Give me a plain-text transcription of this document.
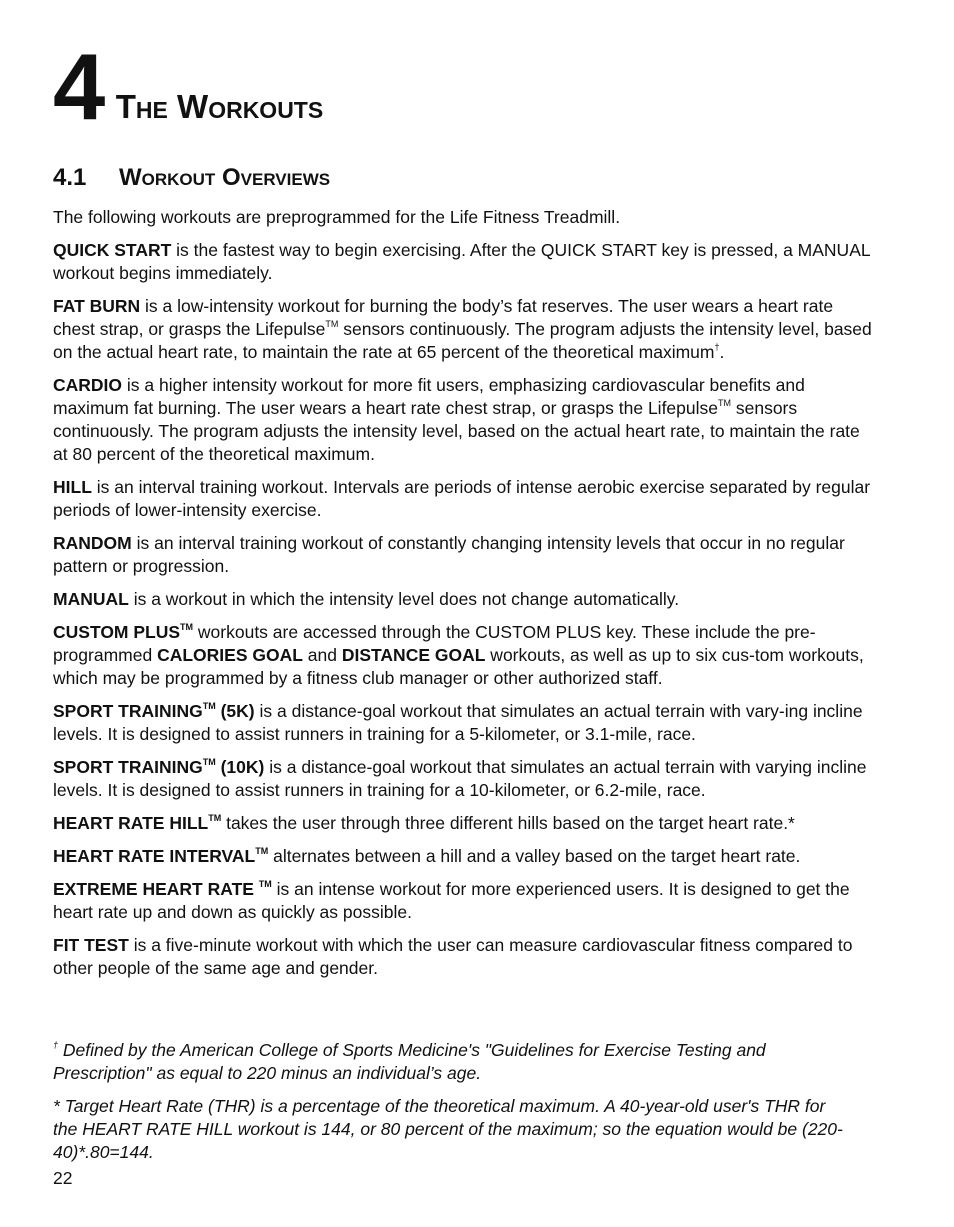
4 The Workouts
4.1 Workout Overviews

The following workouts are preprogrammed for the Life Fitness Treadmill.

QUICK START is the fastest way to begin exercising. After the QUICK START key is pressed, a MANUAL workout begins immediately.

FAT BURN is a low-intensity workout for burning the body’s fat reserves. The user wears a heart rate chest strap, or grasps the Lifepulse™ sensors continuously. The program adjusts the intensity level, based on the actual heart rate, to maintain the rate at 65 percent of the theoretical maximum†.

CARDIO is a higher intensity workout for more fit users, emphasizing cardiovascular benefits and maximum fat burning. The user wears a heart rate chest strap, or grasps the Lifepulse™ sensors continuously. The program adjusts the intensity level, based on the actual heart rate, to maintain the rate at 80 percent of the theoretical maximum.

HILL is an interval training workout. Intervals are periods of intense aerobic exercise separated by regular periods of lower-intensity exercise.

RANDOM is an interval training workout of constantly changing intensity levels that occur in no regular pattern or progression.

MANUAL is a workout in which the intensity level does not change automatically.

CUSTOM PLUS™ workouts are accessed through the CUSTOM PLUS key. These include the pre-programmed CALORIES GOAL and DISTANCE GOAL workouts, as well as up to six cus-tom workouts, which may be programmed by a fitness club manager or other authorized staff.

SPORT TRAINING™ (5K) is a distance-goal workout that simulates an actual terrain with vary-ing incline levels. It is designed to assist runners in training for a 5-kilometer, or 3.1-mile, race.

SPORT TRAINING™ (10K) is a distance-goal workout that simulates an actual terrain with varying incline levels. It is designed to assist runners in training for a 10-kilometer, or 6.2-mile, race.

HEART RATE HILL™ takes the user through three different hills based on the target heart rate.*

HEART RATE INTERVAL™ alternates between a hill and a valley based on the target heart rate.

EXTREME HEART RATE ™ is an intense workout for more experienced users. It is designed to get the heart rate up and down as quickly as possible.

FIT TEST is a five-minute workout with which the user can measure cardiovascular fitness compared to other people of the same age and gender.

† Defined by the American College of Sports Medicine's "Guidelines for Exercise Testing and Prescription" as equal to 220 minus an individual’s age.

* Target Heart Rate (THR) is a percentage of the theoretical maximum. A 40-year-old user's THR for the HEART RATE HILL workout is 144, or 80 percent of the maximum; so the equation would be (220-40)*.80=144.

22
